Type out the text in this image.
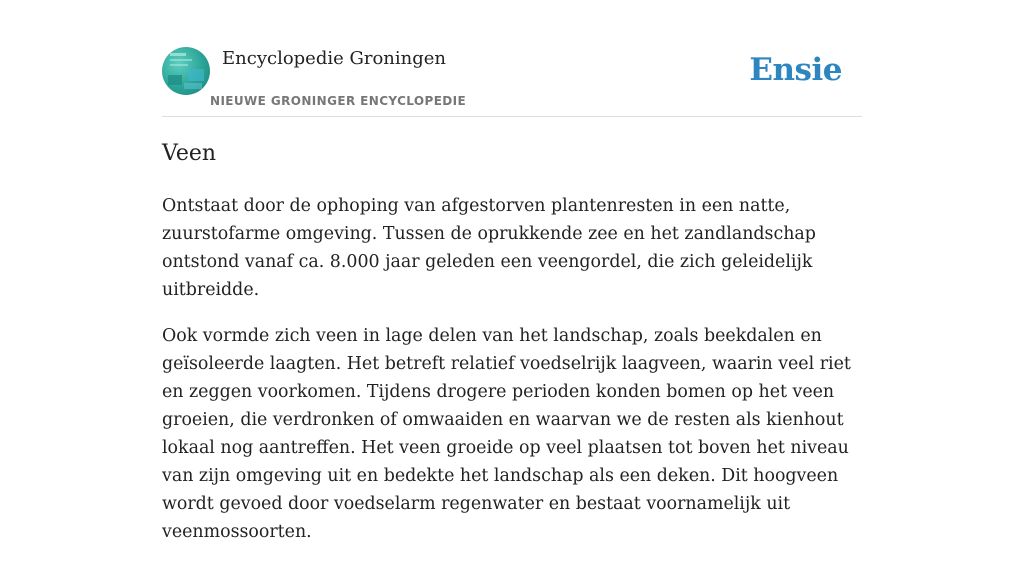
Encyclopedie Groningen
NIEUWE GRONINGER ENCYCLOPEDIE
Ensie
Veen

Ontstaat door de ophoping van afgestorven plantenresten in een natte, zuurstofarme omgeving. Tussen de oprukkende zee en het zandlandschap ontstond vanaf ca. 8.000 jaar geleden een veengordel, die zich geleidelijk uitbreidde.

Ook vormde zich veen in lage delen van het landschap, zoals beekdalen en geïsoleerde laagten. Het betreft relatief voedselrijk laagveen, waarin veel riet en zeggen voorkomen. Tijdens drogere perioden konden bomen op het veen groeien, die verdronken of omwaaiden en waarvan we de resten als kienhout lokaal nog aantreffen. Het veen groeide op veel plaatsen tot boven het niveau van zijn omgeving uit en bedekte het landschap als een deken. Dit hoogveen wordt gevoed door voedselarm regenwater en bestaat voornamelijk uit veenmossoorten.
